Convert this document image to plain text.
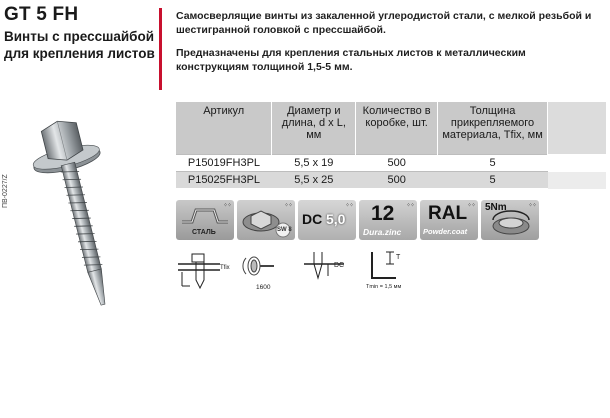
GT 5 FH
Винты с прессшайбой для крепления листов
ПВ-0227/Z

Самосверлящие винты из закаленной углеродистой стали, с мелкой резьбой и шестигранной головкой с прессшайбой.

Предназначены для крепления стальных листов к металлическим конструкциям толщиной 1,5-5 мм.

Артикул	Диаметр и длина, d x L, мм	Количество в коробке, шт.	Толщина прикрепляемого материала, Tfix, мм
P15019FH3PL	5,5 x 19	500	5
P15025FH3PL	5,5 x 25	500	5
⁘⁘
СТАЛЬ
⁘⁘
SW 8
⁘⁘
DC 5,0
⁘⁘
12
Dura.zinc
⁘⁘
RAL
Powder.coat
⁘⁘
5Nm
Tfix
1600
DC
T
Tmin = 1,5 мм
